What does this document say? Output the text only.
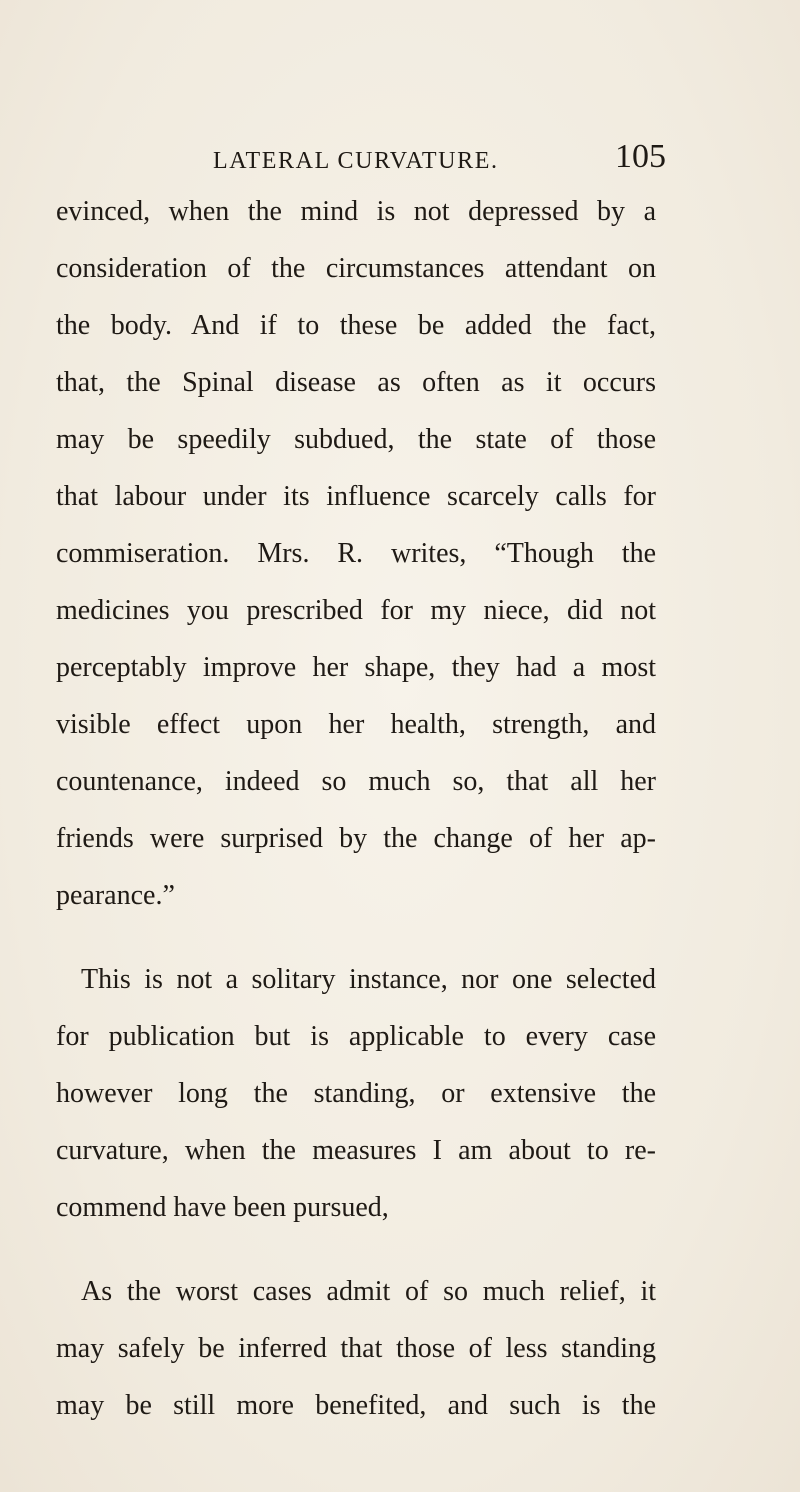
LATERAL CURVATURE.	105
evinced, when the mind is not depressed by a
consideration of the circumstances attendant on
the body. And if to these be added the fact,
that, the Spinal disease as often as it occurs
may be speedily subdued, the state of those
that labour under its influence scarcely calls for
commiseration. Mrs. R. writes, “Though the
medicines you prescribed for my niece, did not
perceptably improve her shape, they had a most
visible effect upon her health, strength, and
countenance, indeed so much so, that all her
friends were surprised by the change of her ap-
pearance.”
This is not a solitary instance, nor one selected
for publication but is applicable to every case
however long the standing, or extensive the
curvature, when the measures I am about to re-
commend have been pursued,
As the worst cases admit of so much relief, it
may safely be inferred that those of less standing
may be still more benefited, and such is the
